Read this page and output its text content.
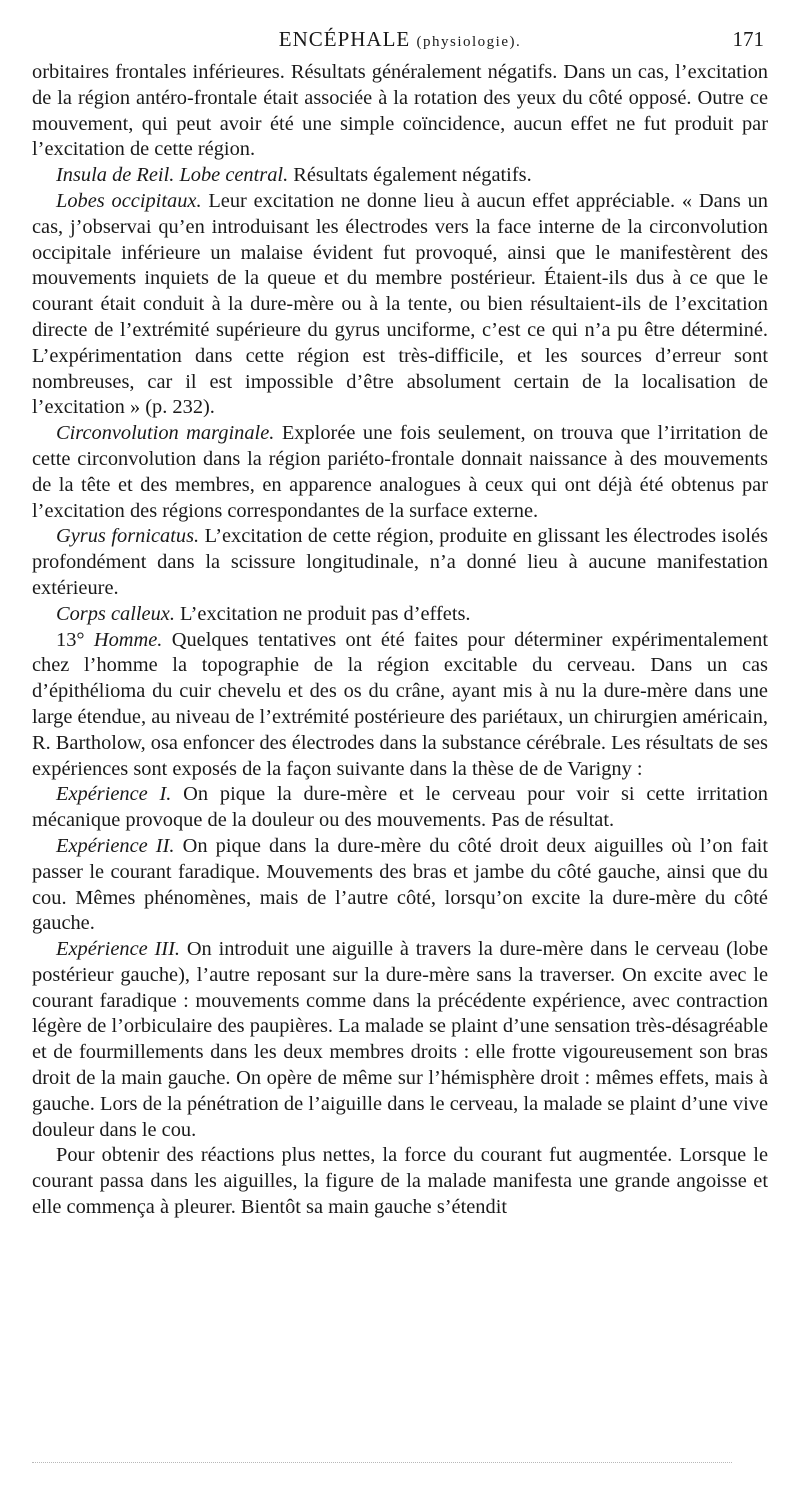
ENCÉPHALE (physiologie).	171

orbitaires frontales inférieures. Résultats généralement négatifs. Dans un cas, l’excitation de la région antéro-frontale était associée à la rotation des yeux du côté opposé. Outre ce mouvement, qui peut avoir été une simple coïncidence, aucun effet ne fut produit par l’excitation de cette région.

Insula de Reil. Lobe central. Résultats également négatifs.

Lobes occipitaux. Leur excitation ne donne lieu à aucun effet appréciable. « Dans un cas, j’observai qu’en introduisant les électrodes vers la face interne de la circonvolution occipitale inférieure un malaise évident fut provoqué, ainsi que le manifestèrent des mouvements inquiets de la queue et du membre postérieur. Étaient-ils dus à ce que le courant était conduit à la dure-mère ou à la tente, ou bien résultaient-ils de l’excitation directe de l’extrémité supérieure du gyrus unciforme, c’est ce qui n’a pu être déterminé. L’expérimentation dans cette région est très-difficile, et les sources d’erreur sont nombreuses, car il est impossible d’être absolument certain de la localisation de l’excitation » (p. 232).

Circonvolution marginale. Explorée une fois seulement, on trouva que l’irritation de cette circonvolution dans la région pariéto-frontale donnait naissance à des mouvements de la tête et des membres, en apparence analogues à ceux qui ont déjà été obtenus par l’excitation des régions correspondantes de la surface externe.

Gyrus fornicatus. L’excitation de cette région, produite en glissant les électrodes isolés profondément dans la scissure longitudinale, n’a donné lieu à aucune manifestation extérieure.

Corps calleux. L’excitation ne produit pas d’effets.

13° Homme. Quelques tentatives ont été faites pour déterminer expérimentalement chez l’homme la topographie de la région excitable du cerveau. Dans un cas d’épithélioma du cuir chevelu et des os du crâne, ayant mis à nu la dure-mère dans une large étendue, au niveau de l’extrémité postérieure des pariétaux, un chirurgien américain, R. Bartholow, osa enfoncer des électrodes dans la substance cérébrale. Les résultats de ses expériences sont exposés de la façon suivante dans la thèse de de Varigny :

Expérience I. On pique la dure-mère et le cerveau pour voir si cette irritation mécanique provoque de la douleur ou des mouvements. Pas de résultat.

Expérience II. On pique dans la dure-mère du côté droit deux aiguilles où l’on fait passer le courant faradique. Mouvements des bras et jambe du côté gauche, ainsi que du cou. Mêmes phénomènes, mais de l’autre côté, lorsqu’on excite la dure-mère du côté gauche.

Expérience III. On introduit une aiguille à travers la dure-mère dans le cerveau (lobe postérieur gauche), l’autre reposant sur la dure-mère sans la traverser. On excite avec le courant faradique : mouvements comme dans la précédente expérience, avec contraction légère de l’orbiculaire des paupières. La malade se plaint d’une sensation très-désagréable et de fourmillements dans les deux membres droits : elle frotte vigoureusement son bras droit de la main gauche. On opère de même sur l’hémisphère droit : mêmes effets, mais à gauche. Lors de la pénétration de l’aiguille dans le cerveau, la malade se plaint d’une vive douleur dans le cou.

Pour obtenir des réactions plus nettes, la force du courant fut augmentée. Lorsque le courant passa dans les aiguilles, la figure de la malade manifesta une grande angoisse et elle commença à pleurer. Bientôt sa main gauche s’étendit
